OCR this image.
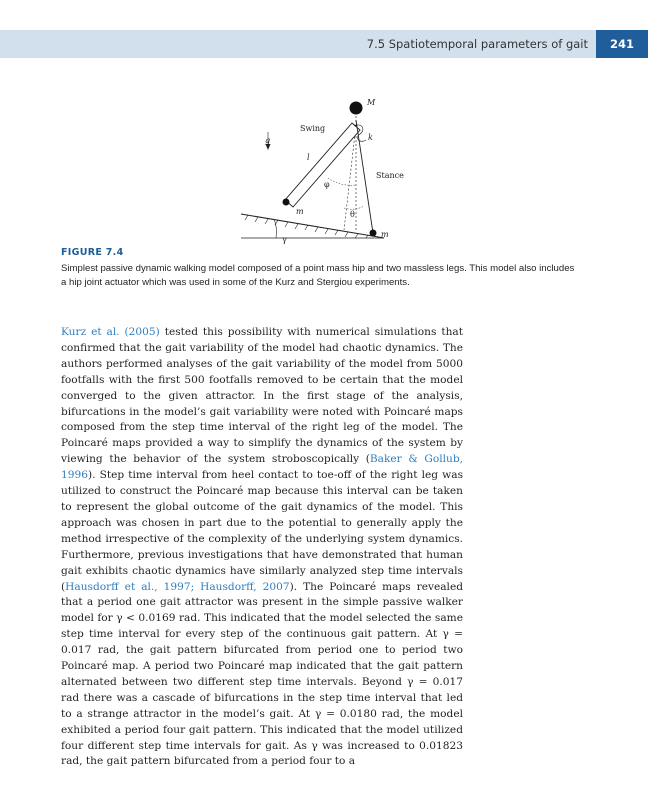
7.5 Spatiotemporal parameters of gait	241
M
k
Swing
Stance
g
l
φ
θ
m
m
γ
FIGURE 7.4
Simplest passive dynamic walking model composed of a point mass hip and two massless legs. This model also includes a hip joint actuator which was used in some of the Kurz and Stergiou experiments.
Kurz et al. (2005) tested this possibility with numerical simulations that confirmed that the gait variability of the model had chaotic dynamics. The authors performed analyses of the gait variability of the model from 5000 footfalls with the first 500 footfalls removed to be certain that the model converged to the given attractor. In the first stage of the analysis, bifurcations in the model’s gait variability were noted with Poincaré maps composed from the step time interval of the right leg of the model. The Poincaré maps provided a way to simplify the dynamics of the system by viewing the behavior of the system stroboscopically (Baker & Gollub, 1996). Step time interval from heel contact to toe-off of the right leg was utilized to construct the Poincaré map because this interval can be taken to represent the global outcome of the gait dynamics of the model. This approach was chosen in part due to the potential to generally apply the method irrespective of the complexity of the underlying system dynamics. Furthermore, previous investigations that have demonstrated that human gait exhibits chaotic dynamics have similarly analyzed step time intervals (Hausdorff et al., 1997; Hausdorff, 2007). The Poincaré maps revealed that a period one gait attractor was present in the simple passive walker model for γ < 0.0169 rad. This indicated that the model selected the same step time interval for every step of the continuous gait pattern. At γ = 0.017 rad, the gait pattern bifurcated from period one to period two Poincaré map. A period two Poincaré map indicated that the gait pattern alternated between two different step time intervals. Beyond γ = 0.017 rad there was a cascade of bifurcations in the step time interval that led to a strange attractor in the model’s gait. At γ = 0.0180 rad, the model exhibited a period four gait pattern. This indicated that the model utilized four different step time intervals for gait. As γ was increased to 0.01823 rad, the gait pattern bifurcated from a period four to a
